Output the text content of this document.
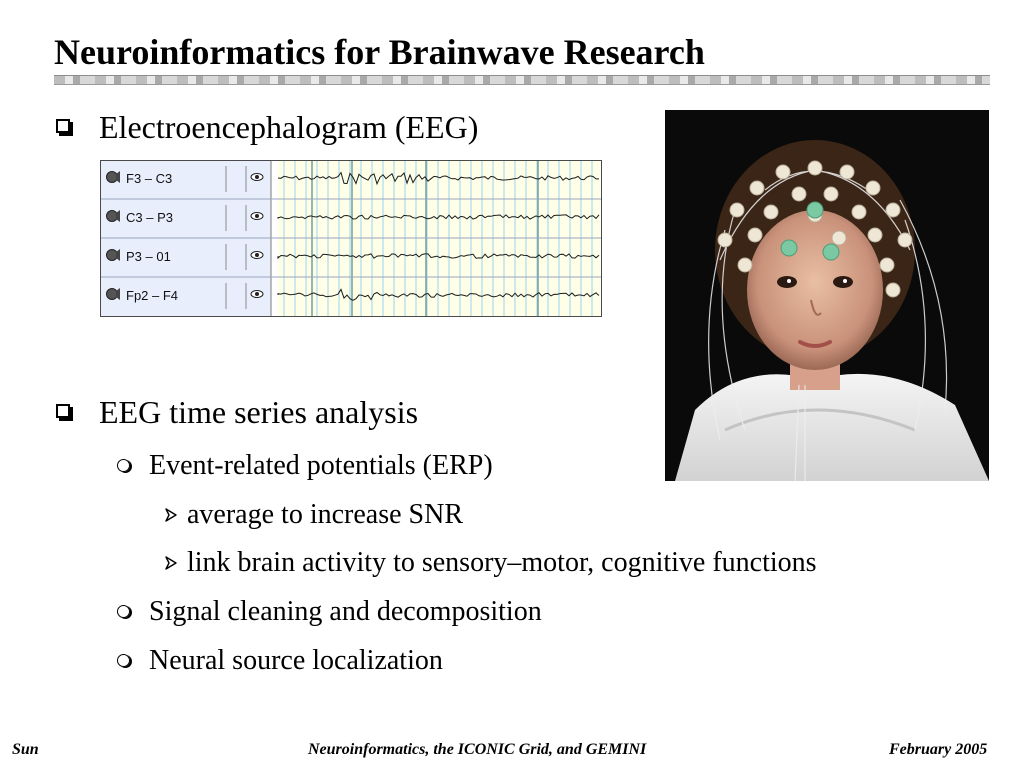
Neuroinformatics for Brainwave Research
Electroencephalogram (EEG)
F3 – C3
C3 – P3
P3 – 01
Fp2 – F4
EEG time series analysis
Event-related potentials (ERP)
average to increase SNR
link brain activity to sensory–motor, cognitive functions
Signal cleaning and decomposition
Neural source localization
Sun	Neuroinformatics, the ICONIC Grid, and GEMINI	February 2005
